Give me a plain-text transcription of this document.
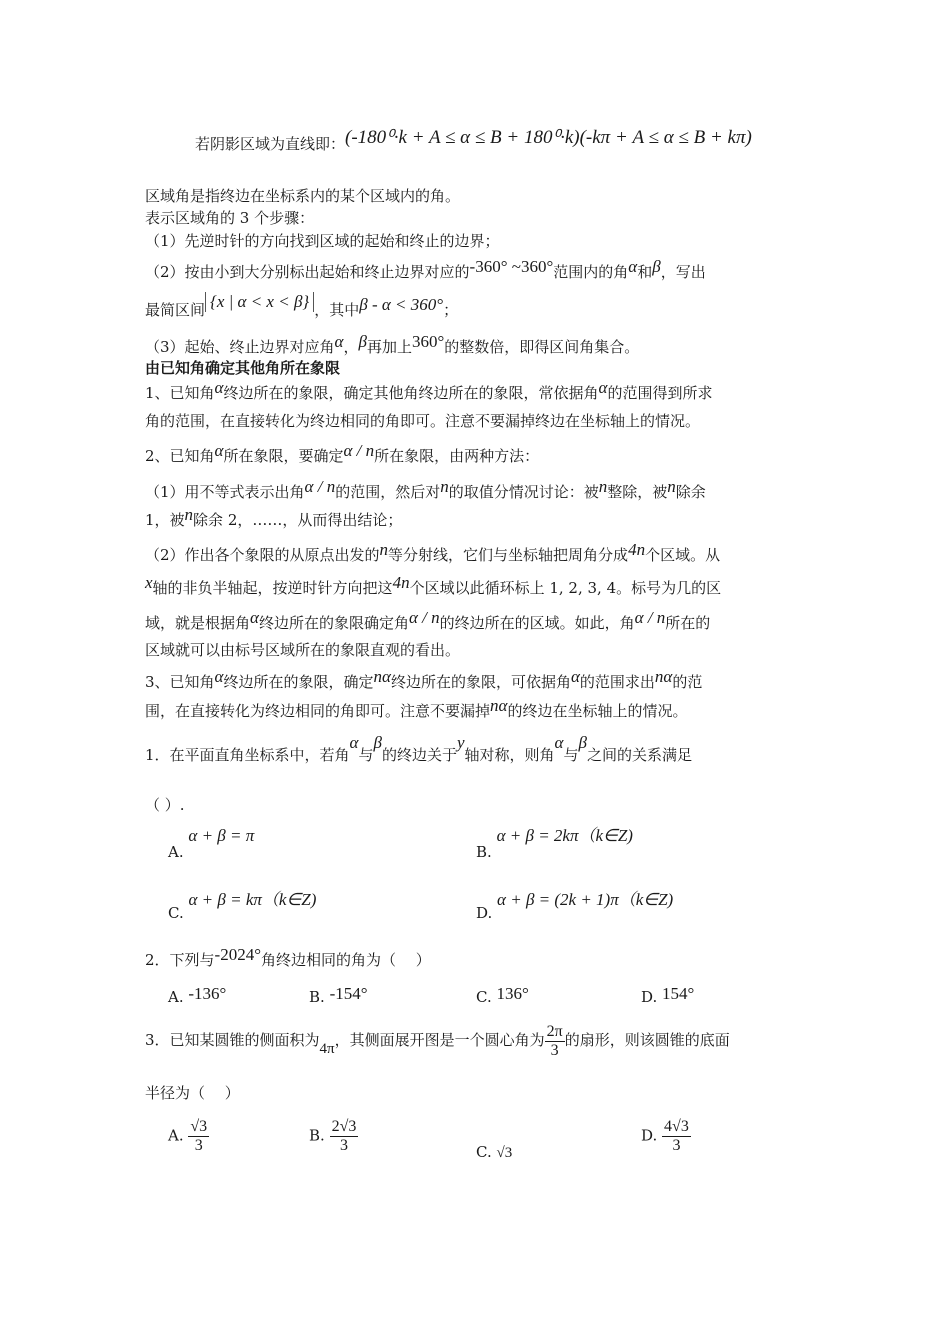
若阴影区域为直线即：(-180⁰·k + A ≤ α ≤ B + 180⁰·k)(-kπ + A ≤ α ≤ B + kπ)
区域角是指终边在坐标系内的某个区域内的角。
表示区域角的 3 个步骤：
（1）先逆时针的方向找到区域的起始和终止的边界；
（2）按由小到大分别标出起始和终止边界对应的-360° ~360°范围内的角α和β，写出
最简区间 {x | α < x < β} ，其中β - α < 360°；
（3）起始、终止边界对应角α，β再加上360°的整数倍，即得区间角集合。
由已知角确定其他角所在象限
1、已知角α终边所在的象限，确定其他角终边所在的象限，常依据角α的范围得到所求
角的范围，在直接转化为终边相同的角即可。注意不要漏掉终边在坐标轴上的情况。
2、已知角α所在象限，要确定α / n所在象限，由两种方法：
（1）用不等式表示出角α / n的范围，然后对n的取值分情况讨论：被n整除，被n除余
1，被n除余 2，……，从而得出结论；
（2）作出各个象限的从原点出发的n等分射线，它们与坐标轴把周角分成4n个区域。从
x轴的非负半轴起，按逆时针方向把这4n个区域以此循环标上 1, 2, 3, 4。标号为几的区
域，就是根据角α终边所在的象限确定角α / n的终边所在的区域。如此，角α / n所在的
区域就可以由标号区域所在的象限直观的看出。
3、已知角α终边所在的象限，确定nα终边所在的象限，可依据角α的范围求出nα的范
围，在直接转化为终边相同的角即可。注意不要漏掉nα的终边在坐标轴上的情况。
1．在平面直角坐标系中，若角α与β的终边关于y轴对称，则角α与β之间的关系满足
（ ）.
A. α + β = π
B. α + β = 2kπ（k∈Z)
C. α + β = kπ（k∈Z)
D. α + β = (2k + 1)π（k∈Z)
2．下列与-2024°角终边相同的角为（　 ）
A. -136°	B. -154°	C. 136°	D. 154°
3．已知某圆锥的侧面积为4π，其侧面展开图是一个圆心角为 $\frac{2\pi}{3}$ 的扇形，则该圆锥的底面
半径为（　 ）
A. $\frac{√3}{3}$	B. $\frac{2√3}{3}$	C. √3
D. $\frac{4√3}{3}$
